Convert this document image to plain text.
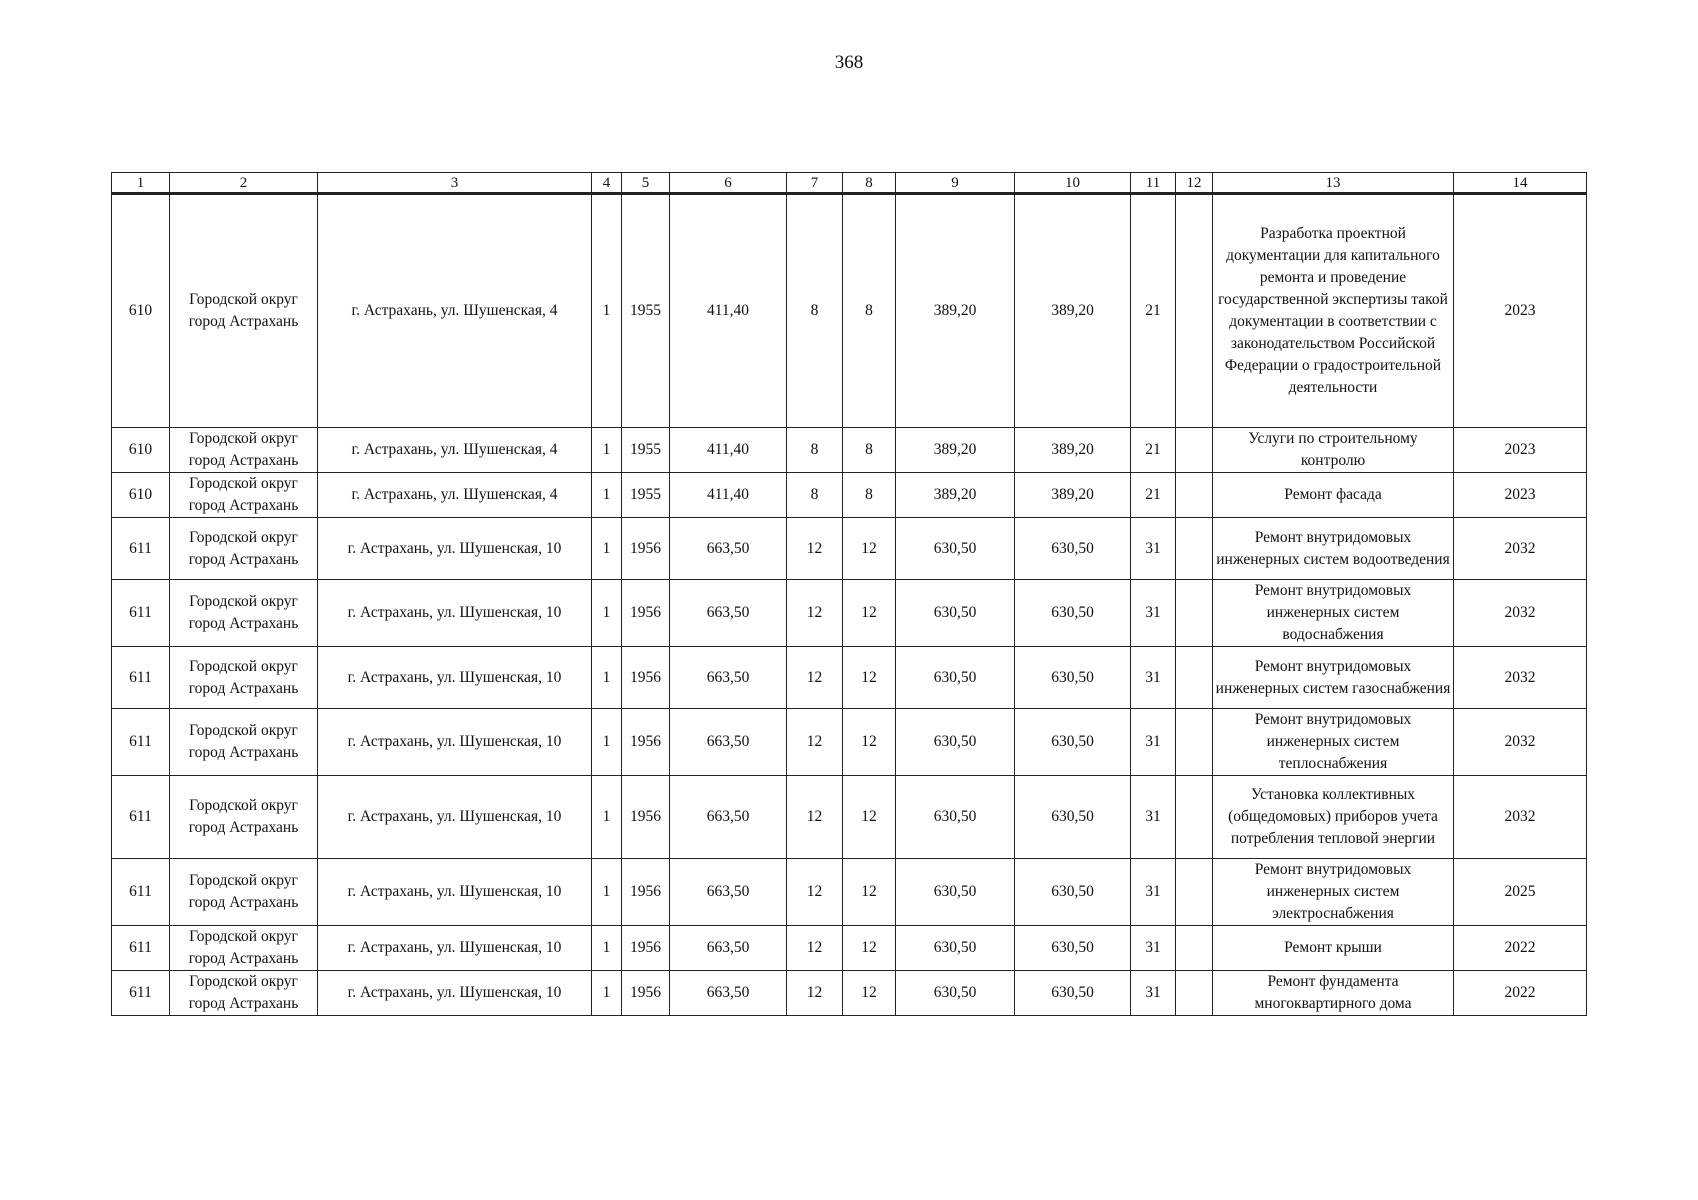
368
1	2	3	4	5	6	7	8	9	10	11	12	13	14
610	Городской округ город Астрахань	г. Астрахань, ул. Шушенская, 4	1	1955	411,40	8	8	389,20	389,20	21		Разработка проектной документации для капитального ремонта и проведение государственной экспертизы такой документации в соответствии с законодательством Российской Федерации о градостроительной деятельности	2023
610	Городской округ город Астрахань	г. Астрахань, ул. Шушенская, 4	1	1955	411,40	8	8	389,20	389,20	21		Услуги по строительному контролю	2023
610	Городской округ город Астрахань	г. Астрахань, ул. Шушенская, 4	1	1955	411,40	8	8	389,20	389,20	21		Ремонт фасада	2023
611	Городской округ город Астрахань	г. Астрахань, ул. Шушенская, 10	1	1956	663,50	12	12	630,50	630,50	31		Ремонт внутридомовых инженерных систем водоотведения	2032
611	Городской округ город Астрахань	г. Астрахань, ул. Шушенская, 10	1	1956	663,50	12	12	630,50	630,50	31		Ремонт внутридомовых инженерных систем водоснабжения	2032
611	Городской округ город Астрахань	г. Астрахань, ул. Шушенская, 10	1	1956	663,50	12	12	630,50	630,50	31		Ремонт внутридомовых инженерных систем газоснабжения	2032
611	Городской округ город Астрахань	г. Астрахань, ул. Шушенская, 10	1	1956	663,50	12	12	630,50	630,50	31		Ремонт внутридомовых инженерных систем теплоснабжения	2032
611	Городской округ город Астрахань	г. Астрахань, ул. Шушенская, 10	1	1956	663,50	12	12	630,50	630,50	31		Установка коллективных (общедомовых) приборов учета потребления тепловой энергии	2032
611	Городской округ город Астрахань	г. Астрахань, ул. Шушенская, 10	1	1956	663,50	12	12	630,50	630,50	31		Ремонт внутридомовых инженерных систем электроснабжения	2025
611	Городской округ город Астрахань	г. Астрахань, ул. Шушенская, 10	1	1956	663,50	12	12	630,50	630,50	31		Ремонт крыши	2022
611	Городской округ город Астрахань	г. Астрахань, ул. Шушенская, 10	1	1956	663,50	12	12	630,50	630,50	31		Ремонт фундамента многоквартирного дома	2022
